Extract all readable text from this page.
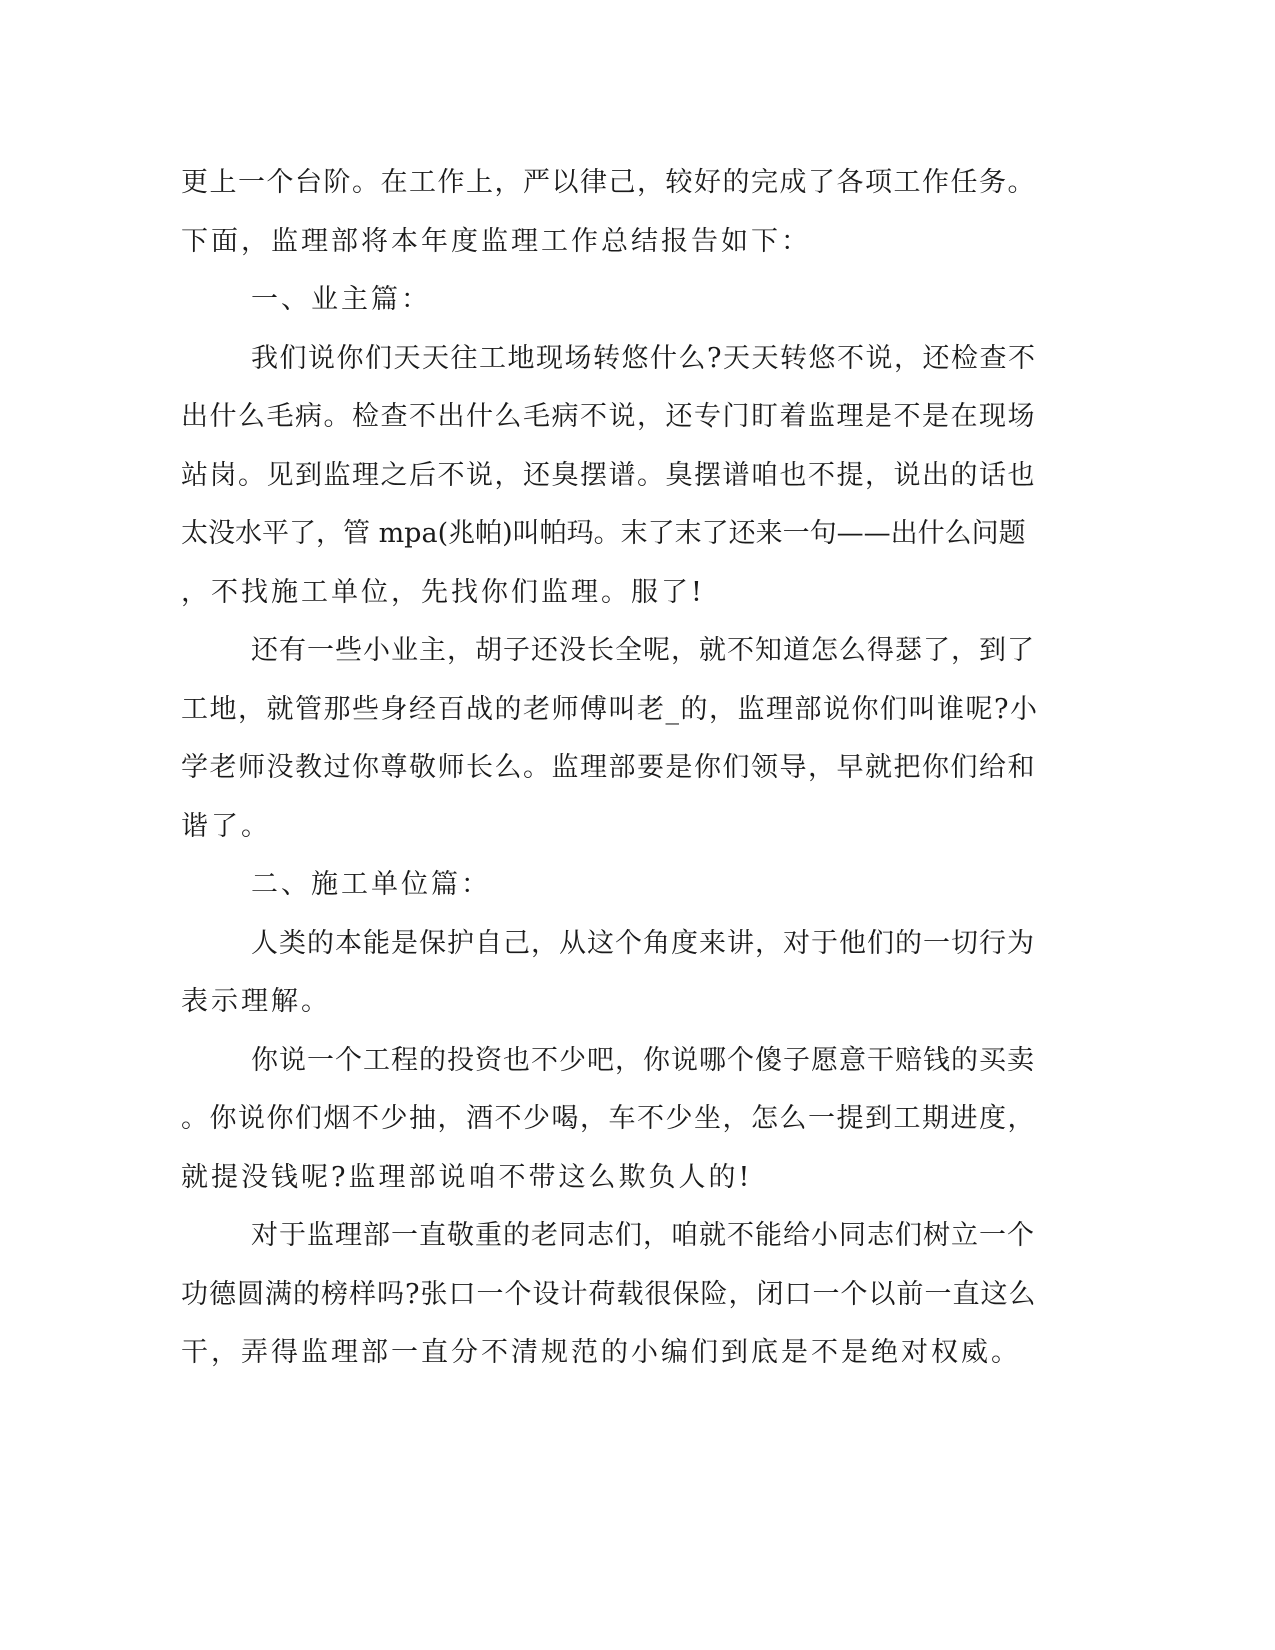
更上一个台阶。在工作上，严以律己，较好的完成了各项工作任务。
下面，监理部将本年度监理工作总结报告如下：
一、业主篇：
我们说你们天天往工地现场转悠什么?天天转悠不说，还检查不
出什么毛病。检查不出什么毛病不说，还专门盯着监理是不是在现场
站岗。见到监理之后不说，还臭摆谱。臭摆谱咱也不提，说出的话也
太没水平了，管 mpa(兆帕)叫帕玛。末了末了还来一句——出什么问题
，不找施工单位，先找你们监理。服了!
还有一些小业主，胡子还没长全呢，就不知道怎么得瑟了，到了
工地，就管那些身经百战的老师傅叫老_的，监理部说你们叫谁呢?小
学老师没教过你尊敬师长么。监理部要是你们领导，早就把你们给和
谐了。
二、施工单位篇：
人类的本能是保护自己，从这个角度来讲，对于他们的一切行为
表示理解。
你说一个工程的投资也不少吧，你说哪个傻子愿意干赔钱的买卖
。你说你们烟不少抽，酒不少喝，车不少坐，怎么一提到工期进度，
就提没钱呢?监理部说咱不带这么欺负人的!
对于监理部一直敬重的老同志们，咱就不能给小同志们树立一个
功德圆满的榜样吗?张口一个设计荷载很保险，闭口一个以前一直这么
干，弄得监理部一直分不清规范的小编们到底是不是绝对权威。
